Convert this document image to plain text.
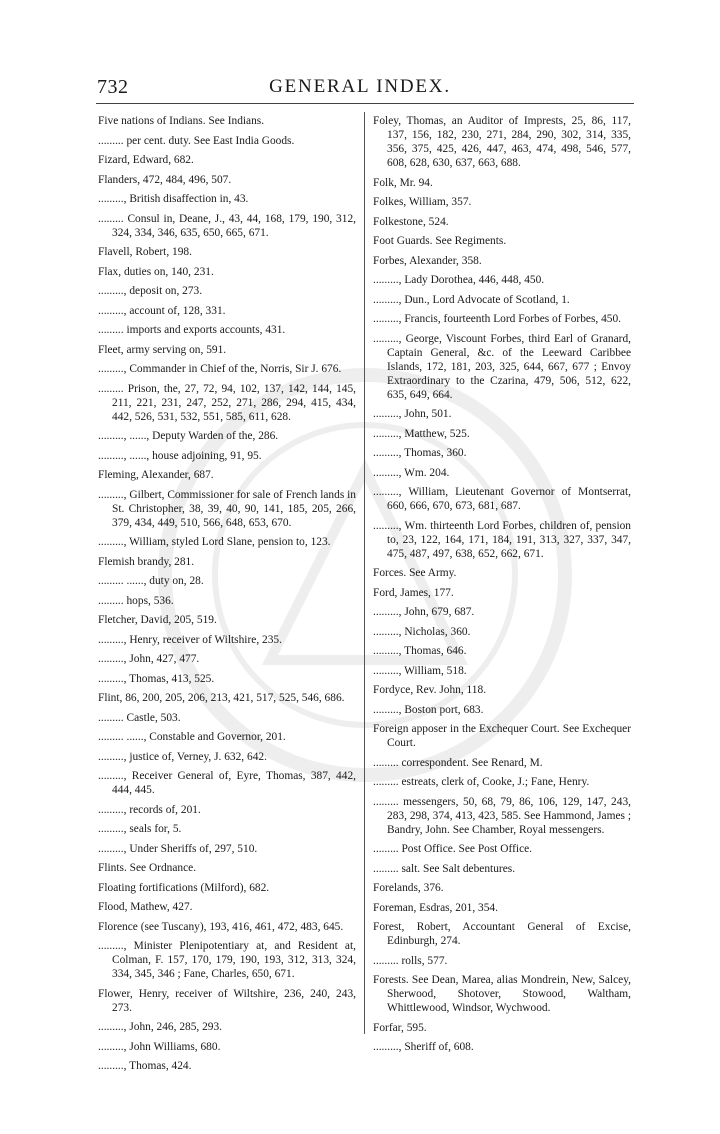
732	GENERAL INDEX.
Five nations of Indians. See Indians.
......... per cent. duty. See East India Goods.
Fizard, Edward, 682.
Flanders, 472, 484, 496, 507.
........., British disaffection in, 43.
......... Consul in, Deane, J., 43, 44, 168, 179, 190, 312, 324, 334, 346, 635, 650, 665, 671.
Flavell, Robert, 198.
Flax, duties on, 140, 231.
........., deposit on, 273.
........., account of, 128, 331.
......... imports and exports accounts, 431.
Fleet, army serving on, 591.
........., Commander in Chief of the, Norris, Sir J. 676.
......... Prison, the, 27, 72, 94, 102, 137, 142, 144, 145, 211, 221, 231, 247, 252, 271, 286, 294, 415, 434, 442, 526, 531, 532, 551, 585, 611, 628.
........., ......, Deputy Warden of the, 286.
........., ......, house adjoining, 91, 95.
Fleming, Alexander, 687.
........., Gilbert, Commissioner for sale of French lands in St. Christopher, 38, 39, 40, 90, 141, 185, 205, 266, 379, 434, 449, 510, 566, 648, 653, 670.
........., William, styled Lord Slane, pension to, 123.
Flemish brandy, 281.
......... ......, duty on, 28.
......... hops, 536.
Fletcher, David, 205, 519.
........., Henry, receiver of Wiltshire, 235.
........., John, 427, 477.
........., Thomas, 413, 525.
Flint, 86, 200, 205, 206, 213, 421, 517, 525, 546, 686.
......... Castle, 503.
......... ......, Constable and Governor, 201.
........., justice of, Verney, J. 632, 642.
........., Receiver General of, Eyre, Thomas, 387, 442, 444, 445.
........., records of, 201.
........., seals for, 5.
........., Under Sheriffs of, 297, 510.
Flints. See Ordnance.
Floating fortifications (Milford), 682.
Flood, Mathew, 427.
Florence (see Tuscany), 193, 416, 461, 472, 483, 645.
........., Minister Plenipotentiary at, and Resident at, Colman, F. 157, 170, 179, 190, 193, 312, 313, 324, 334, 345, 346 ; Fane, Charles, 650, 671.
Flower, Henry, receiver of Wiltshire, 236, 240, 243, 273.
........., John, 246, 285, 293.
........., John Williams, 680.
........., Thomas, 424.
Foley, Thomas, an Auditor of Imprests, 25, 86, 117, 137, 156, 182, 230, 271, 284, 290, 302, 314, 335, 356, 375, 425, 426, 447, 463, 474, 498, 546, 577, 608, 628, 630, 637, 663, 688.
Folk, Mr. 94.
Folkes, William, 357.
Folkestone, 524.
Foot Guards. See Regiments.
Forbes, Alexander, 358.
........., Lady Dorothea, 446, 448, 450.
........., Dun., Lord Advocate of Scotland, 1.
........., Francis, fourteenth Lord Forbes of Forbes, 450.
........., George, Viscount Forbes, third Earl of Granard, Captain General, &c. of the Leeward Caribbee Islands, 172, 181, 203, 325, 644, 667, 677 ; Envoy Extraordinary to the Czarina, 479, 506, 512, 622, 635, 649, 664.
........., John, 501.
........., Matthew, 525.
........., Thomas, 360.
........., Wm. 204.
........., William, Lieutenant Governor of Montserrat, 660, 666, 670, 673, 681, 687.
........., Wm. thirteenth Lord Forbes, children of, pension to, 23, 122, 164, 171, 184, 191, 313, 327, 337, 347, 475, 487, 497, 638, 652, 662, 671.
Forces. See Army.
Ford, James, 177.
........., John, 679, 687.
........., Nicholas, 360.
........., Thomas, 646.
........., William, 518.
Fordyce, Rev. John, 118.
........., Boston port, 683.
Foreign apposer in the Exchequer Court. See Exchequer Court.
......... correspondent. See Renard, M.
......... estreats, clerk of, Cooke, J.; Fane, Henry.
......... messengers, 50, 68, 79, 86, 106, 129, 147, 243, 283, 298, 374, 413, 423, 585. See Hammond, James ; Bandry, John. See Chamber, Royal messengers.
......... Post Office. See Post Office.
......... salt. See Salt debentures.
Forelands, 376.
Foreman, Esdras, 201, 354.
Forest, Robert, Accountant General of Excise, Edinburgh, 274.
......... rolls, 577.
Forests. See Dean, Marea, alias Mondrein, New, Salcey, Sherwood, Shotover, Stowood, Waltham, Whittlewood, Windsor, Wychwood.
Forfar, 595.
........., Sheriff of, 608.
